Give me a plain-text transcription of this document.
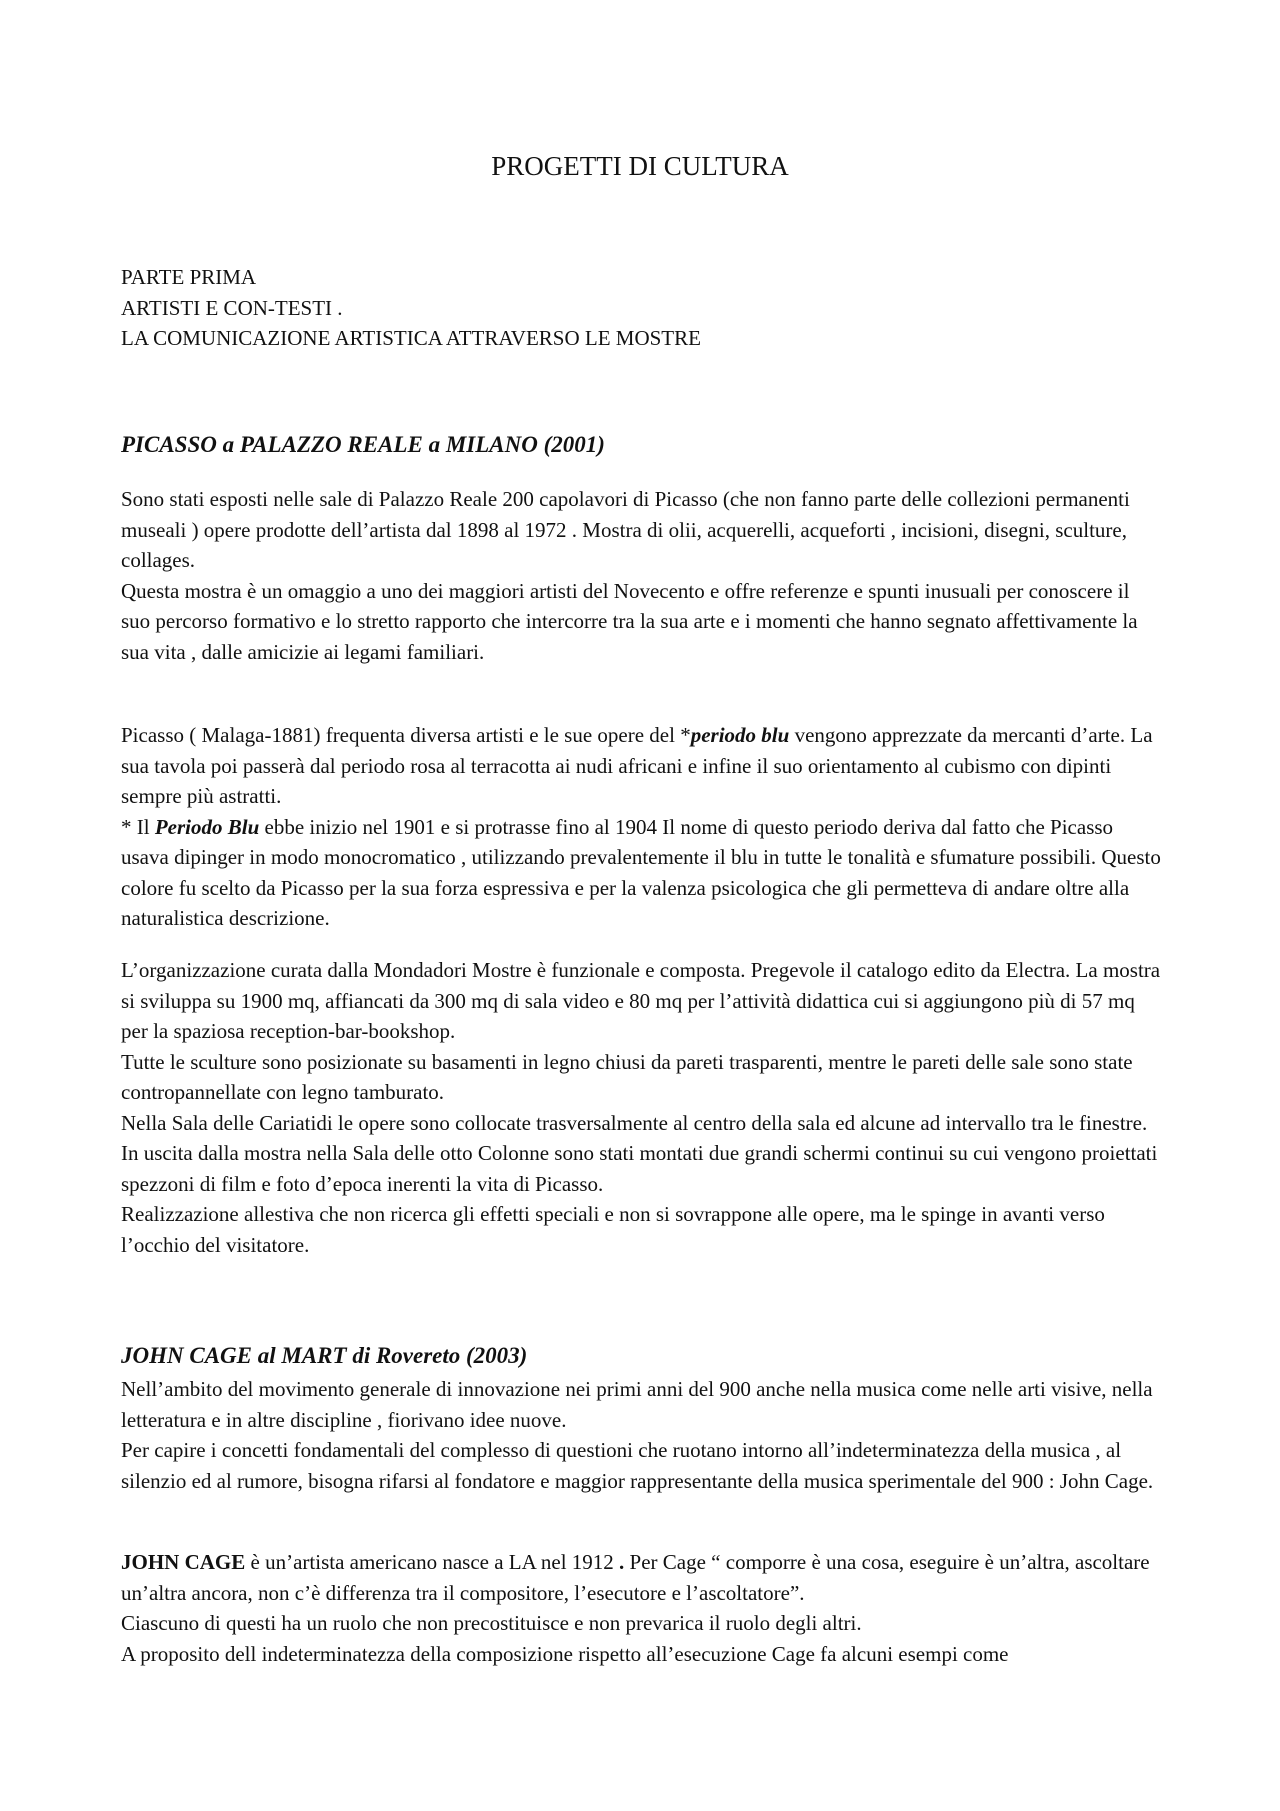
PROGETTI DI CULTURA
PARTE PRIMA
ARTISTI E CON-TESTI .
LA COMUNICAZIONE ARTISTICA ATTRAVERSO LE MOSTRE
PICASSO a PALAZZO REALE a MILANO (2001)

Sono stati esposti nelle sale di Palazzo Reale 200 capolavori di Picasso (che non fanno parte delle collezioni permanenti museali ) opere prodotte dell’artista dal 1898 al 1972 . Mostra di olii, acquerelli, acqueforti , incisioni, disegni, sculture, collages.

Questa mostra è un omaggio a uno dei maggiori artisti del Novecento e offre referenze e spunti inusuali per conoscere il suo percorso formativo e lo stretto rapporto che intercorre tra la sua arte e i momenti che hanno segnato affettivamente la sua vita , dalle amicizie ai legami familiari.

Picasso ( Malaga-1881) frequenta diversa artisti e le sue opere del *periodo blu vengono apprezzate da mercanti d’arte. La sua tavola poi passerà dal periodo rosa al terracotta ai nudi africani e infine il suo orientamento al cubismo con dipinti sempre più astratti.

* Il Periodo Blu ebbe inizio nel 1901 e si protrasse fino al 1904 Il nome di questo periodo deriva dal fatto che Picasso usava dipinger in modo monocromatico , utilizzando prevalentemente il blu in tutte le tonalità e sfumature possibili. Questo colore fu scelto da Picasso per la sua forza espressiva e per la valenza psicologica che gli permetteva di andare oltre alla naturalistica descrizione.

L’organizzazione curata dalla Mondadori Mostre è funzionale e composta. Pregevole il catalogo edito da Electra. La mostra si sviluppa su 1900 mq, affiancati da 300 mq di sala video e 80 mq per l’attività didattica cui si aggiungono più di 57 mq per la spaziosa reception-bar-bookshop.

Tutte le sculture sono posizionate su basamenti in legno chiusi da pareti trasparenti, mentre le pareti delle sale sono state contropannellate con legno tamburato.

Nella Sala delle Cariatidi le opere sono collocate trasversalmente al centro della sala ed alcune ad intervallo tra le finestre. In uscita dalla mostra nella Sala delle otto Colonne sono stati montati due grandi schermi continui su cui vengono proiettati spezzoni di film e foto d’epoca inerenti la vita di Picasso.

Realizzazione allestiva che non ricerca gli effetti speciali e non si sovrappone alle opere, ma le spinge in avanti verso l’occhio del visitatore.

JOHN CAGE al MART di Rovereto (2003)

Nell’ambito del movimento generale di innovazione nei primi anni del 900 anche nella musica come nelle arti visive, nella letteratura e in altre discipline , fiorivano idee nuove.

Per capire i concetti fondamentali del complesso di questioni che ruotano intorno all’indeterminatezza della musica , al silenzio ed al rumore, bisogna rifarsi al fondatore e maggior rappresentante della musica sperimentale del 900 : John Cage.

JOHN CAGE è un’artista americano nasce a LA nel 1912 . Per Cage “ comporre è una cosa, eseguire è un’altra, ascoltare un’altra ancora, non c’è differenza tra il compositore, l’esecutore e l’ascoltatore”.

Ciascuno di questi ha un ruolo che non precostituisce e non prevarica il ruolo degli altri.

A proposito dell indeterminatezza della composizione rispetto all’esecuzione Cage fa alcuni esempi come
